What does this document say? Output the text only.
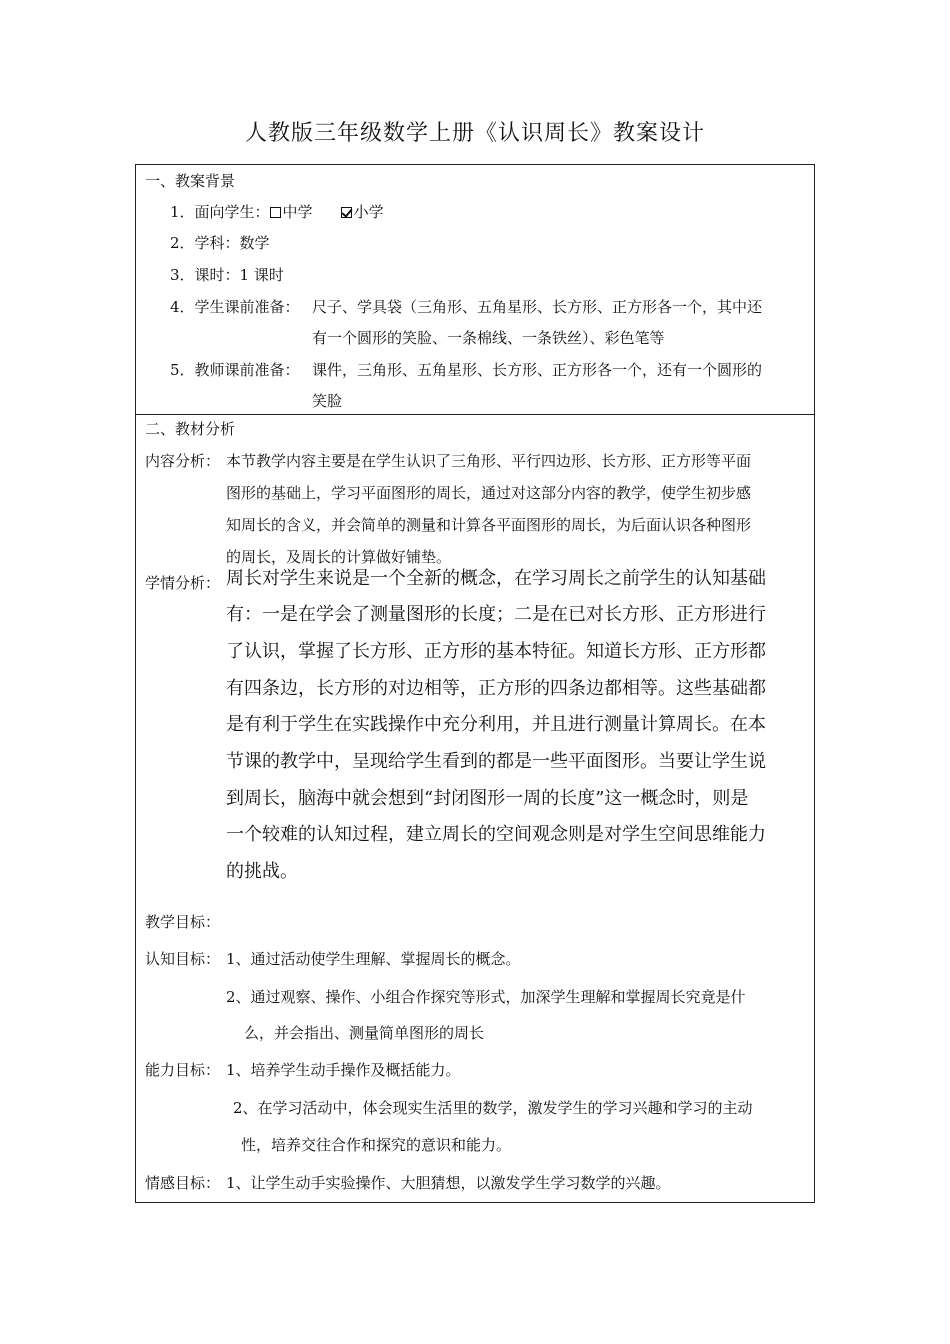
人教版三年级数学上册《认识周长》教案设计
一、教案背景
1．面向学生： 中学	小学
2．学科：数学
3．课时：1 课时
4．学生课前准备： 尺子、学具袋（三角形、五角星形、长方形、正方形各一个，其中还
有一个圆形的笑脸、一条棉线、一条铁丝）、彩色笔等
5．教师课前准备： 课件，三角形、五角星形、长方形、正方形各一个，还有一个圆形的
笑脸
二、教材分析
内容分析： 本节教学内容主要是在学生认识了三角形、平行四边形、长方形、正方形等平面
图形的基础上，学习平面图形的周长，通过对这部分内容的教学，使学生初步感
知周长的含义，并会简单的测量和计算各平面图形的周长，为后面认识各种图形
的周长，及周长的计算做好铺垫。
学情分析： 周长对学生来说是一个全新的概念，在学习周长之前学生的认知基础
有：一是在学会了测量图形的长度；二是在已对长方形、正方形进行
了认识，掌握了长方形、正方形的基本特征。知道长方形、正方形都
有四条边，长方形的对边相等，正方形的四条边都相等。这些基础都
是有利于学生在实践操作中充分利用，并且进行测量计算周长。在本
节课的教学中，呈现给学生看到的都是一些平面图形。当要让学生说
到周长，脑海中就会想到“封闭图形一周的长度”这一概念时，则是
一个较难的认知过程，建立周长的空间观念则是对学生空间思维能力
的挑战。
教学目标：
认知目标： 1、通过活动使学生理解、掌握周长的概念。
2、通过观察、操作、小组合作探究等形式，加深学生理解和掌握周长究竟是什
么，并会指出、测量简单图形的周长
能力目标： 1、培养学生动手操作及概括能力。
2、在学习活动中，体会现实生活里的数学，激发学生的学习兴趣和学习的主动
性，培养交往合作和探究的意识和能力。
情感目标： 1、让学生动手实验操作、大胆猜想，以激发学生学习数学的兴趣。
